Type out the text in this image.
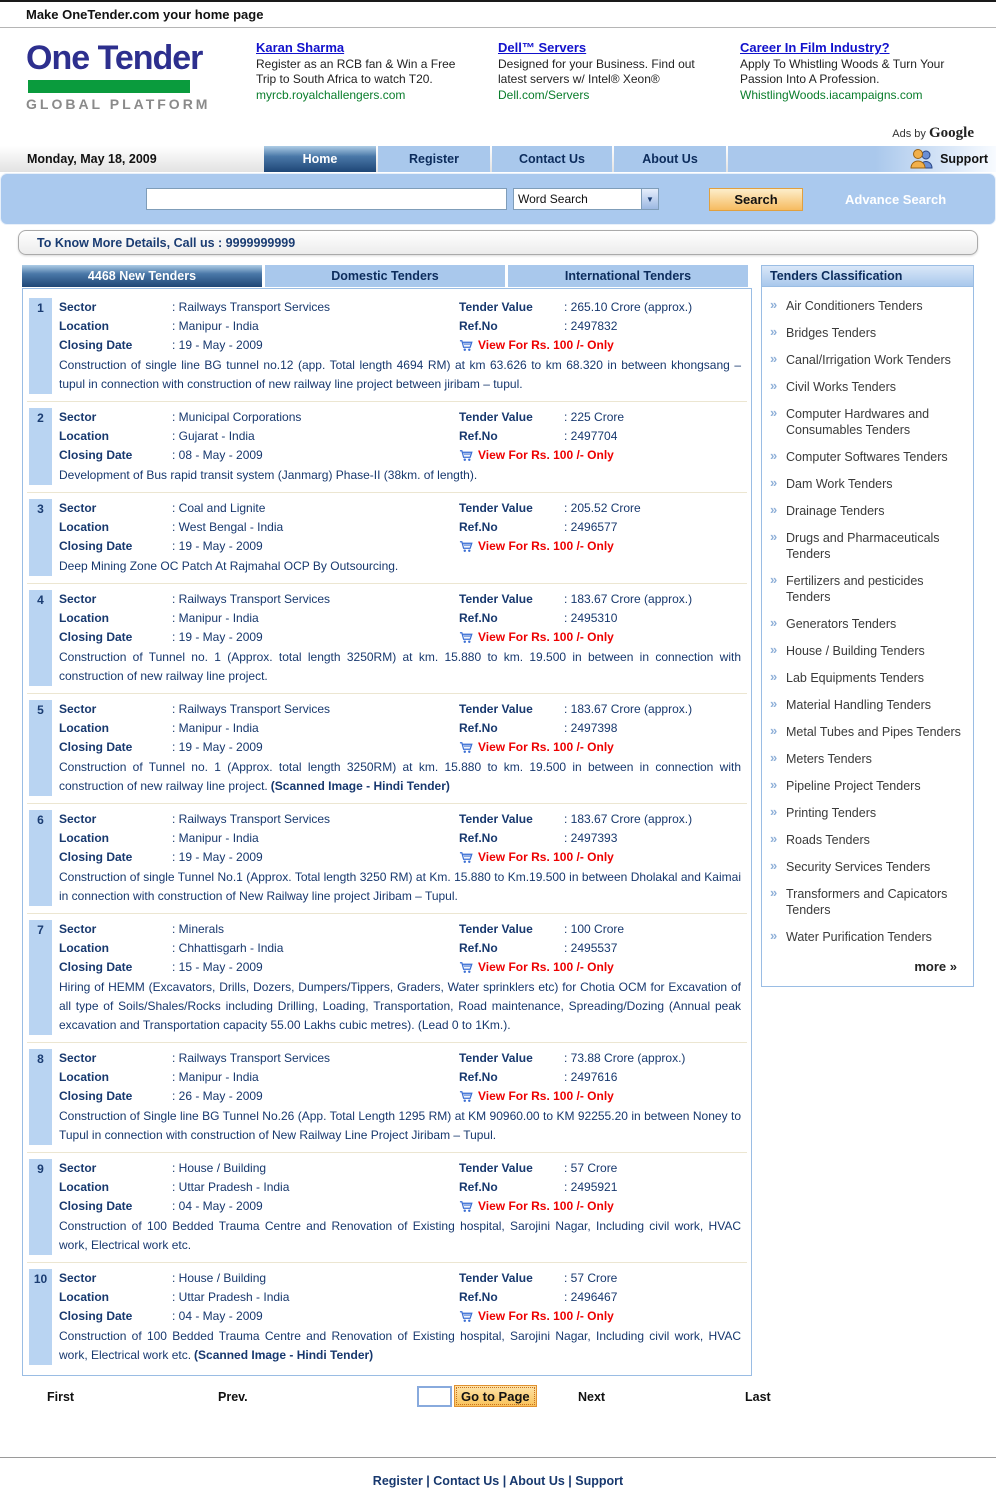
Make OneTender.com your home page
One Tender
GLOBAL PLATFORM
Karan Sharma
Register as an RCB fan & Win a Free
Trip to South Africa to watch T20.
myrcb.royalchallengers.com
Dell™ Servers
Designed for your Business. Find out
latest servers w/ Intel® Xeon®
Dell.com/Servers
Career In Film Industry?
Apply To Whistling Woods & Turn Your
Passion Into A Profession.
WhistlingWoods.iacampaigns.com
Ads by Google
Monday, May 18, 2009	Home	Register	Contact Us	About Us	Support
Word Search	▼	Search	Advance Search
To Know More Details, Call us : 9999999999
4468 New Tenders	Domestic Tenders	International Tenders
1	Sector	: Railways Transport Services	Tender Value	: 265.10 Crore (approx.)
Location	: Manipur - India	Ref.No	: 2497832
Closing Date	: 19 - May - 2009	View For Rs. 100 /- Only
Construction of single line BG tunnel no.12 (app. Total length 4694 RM) at km 63.626 to km 68.320 in between khongsang – tupul in connection with construction of new railway line project between jiribam – tupul.
2	Sector	: Municipal Corporations	Tender Value	: 225 Crore
Location	: Gujarat - India	Ref.No	: 2497704
Closing Date	: 08 - May - 2009	View For Rs. 100 /- Only
Development of Bus rapid transit system (Janmarg) Phase-II (38km. of length).
3	Sector	: Coal and Lignite	Tender Value	: 205.52 Crore
Location	: West Bengal - India	Ref.No	: 2496577
Closing Date	: 19 - May - 2009	View For Rs. 100 /- Only
Deep Mining Zone OC Patch At Rajmahal OCP By Outsourcing.
4	Sector	: Railways Transport Services	Tender Value	: 183.67 Crore (approx.)
Location	: Manipur - India	Ref.No	: 2495310
Closing Date	: 19 - May - 2009	View For Rs. 100 /- Only
Construction of Tunnel no. 1 (Approx. total length 3250RM) at km. 15.880 to km. 19.500 in between in connection with construction of new railway line project.
5	Sector	: Railways Transport Services	Tender Value	: 183.67 Crore (approx.)
Location	: Manipur - India	Ref.No	: 2497398
Closing Date	: 19 - May - 2009	View For Rs. 100 /- Only
Construction of Tunnel no. 1 (Approx. total length 3250RM) at km. 15.880 to km. 19.500 in between in connection with construction of new railway line project. (Scanned Image - Hindi Tender)
6	Sector	: Railways Transport Services	Tender Value	: 183.67 Crore (approx.)
Location	: Manipur - India	Ref.No	: 2497393
Closing Date	: 19 - May - 2009	View For Rs. 100 /- Only
Construction of single Tunnel No.1 (Approx. Total length 3250 RM) at Km. 15.880 to Km.19.500 in between Dholakal and Kaimai in connection with construction of New Railway line project Jiribam – Tupul.
7	Sector	: Minerals	Tender Value	: 100 Crore
Location	: Chhattisgarh - India	Ref.No	: 2495537
Closing Date	: 15 - May - 2009	View For Rs. 100 /- Only
Hiring of HEMM (Excavators, Drills, Dozers, Dumpers/Tippers, Graders, Water sprinklers etc) for Chotia OCM for Excavation of all type of Soils/Shales/Rocks including Drilling, Loading, Transportation, Road maintenance, Spreading/Dozing (Annual peak excavation and Transportation capacity 55.00 Lakhs cubic metres). (Lead 0 to 1Km.).
8	Sector	: Railways Transport Services	Tender Value	: 73.88 Crore (approx.)
Location	: Manipur - India	Ref.No	: 2497616
Closing Date	: 26 - May - 2009	View For Rs. 100 /- Only
Construction of Single line BG Tunnel No.26 (App. Total Length 1295 RM) at KM 90960.00 to KM 92255.20 in between Noney to Tupul in connection with construction of New Railway Line Project Jiribam – Tupul.
9	Sector	: House / Building	Tender Value	: 57 Crore
Location	: Uttar Pradesh - India	Ref.No	: 2495921
Closing Date	: 04 - May - 2009	View For Rs. 100 /- Only
Construction of 100 Bedded Trauma Centre and Renovation of Existing hospital, Sarojini Nagar, Including civil work, HVAC work, Electrical work etc.
10 Sector	: House / Building	Tender Value	: 57 Crore
Location	: Uttar Pradesh - India	Ref.No	: 2496467
Closing Date	: 04 - May - 2009	View For Rs. 100 /- Only
Construction of 100 Bedded Trauma Centre and Renovation of Existing hospital, Sarojini Nagar, Including civil work, HVAC work, Electrical work etc. (Scanned Image - Hindi Tender)
First	Prev.	Go to Page	Next	Last
Tenders Classification
» Air Conditioners Tenders
» Bridges Tenders
» Canal/Irrigation Work Tenders
» Civil Works Tenders
» Computer Hardwares and Consumables Tenders
» Computer Softwares Tenders
» Dam Work Tenders
» Drainage Tenders
» Drugs and Pharmaceuticals Tenders
» Fertilizers and pesticides Tenders
» Generators Tenders
» House / Building Tenders
» Lab Equipments Tenders
» Material Handling Tenders
» Metal Tubes and Pipes Tenders
» Meters Tenders
» Pipeline Project Tenders
» Printing Tenders
» Roads Tenders
» Security Services Tenders
» Transformers and Capicators Tenders
» Water Purification Tenders
more »
Register | Contact Us | About Us | Support
